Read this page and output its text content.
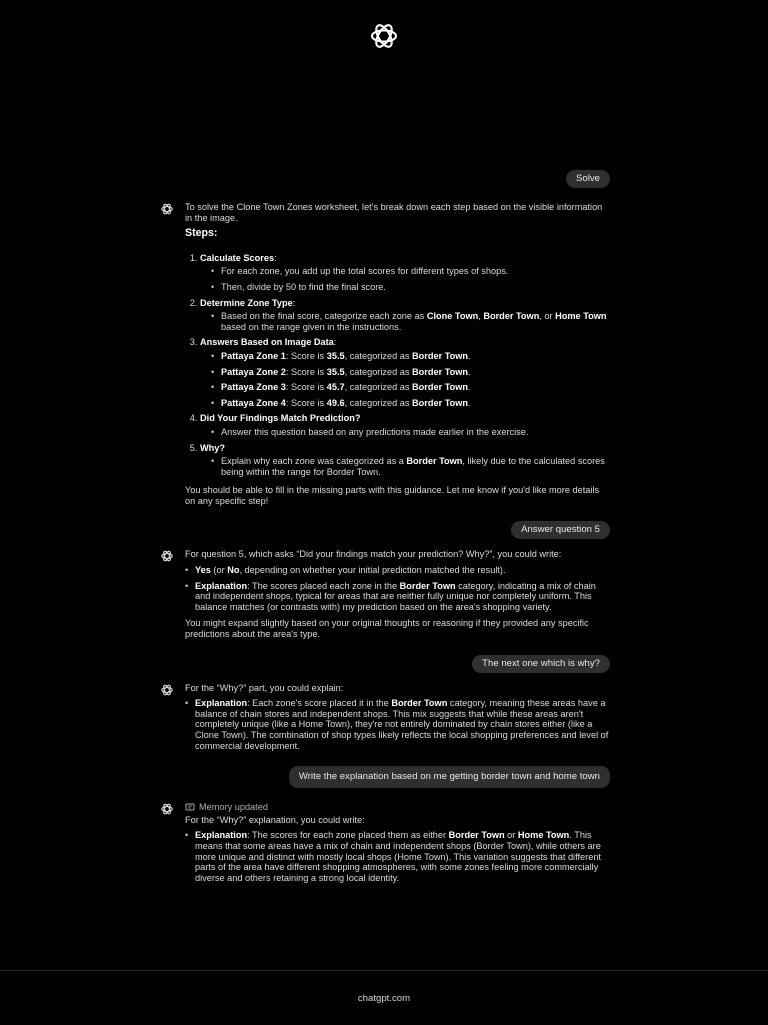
Solve

To solve the Clone Town Zones worksheet, let's break down each step based on the visible information in the image.

Steps:
1. Calculate Scores:
• For each zone, you add up the total scores for different types of shops.
• Then, divide by 50 to find the final score.
2. Determine Zone Type:
• Based on the final score, categorize each zone as Clone Town, Border Town, or Home Town based on the range given in the instructions.
3. Answers Based on Image Data:
• Pattaya Zone 1: Score is 35.5, categorized as Border Town.
• Pattaya Zone 2: Score is 35.5, categorized as Border Town.
• Pattaya Zone 3: Score is 45.7, categorized as Border Town.
• Pattaya Zone 4: Score is 49.6, categorized as Border Town.
4. Did Your Findings Match Prediction?
• Answer this question based on any predictions made earlier in the exercise.
5. Why?
• Explain why each zone was categorized as a Border Town, likely due to the calculated scores being within the range for Border Town.

You should be able to fill in the missing parts with this guidance. Let me know if you'd like more details on any specific step!

Answer question 5

For question 5, which asks “Did your findings match your prediction? Why?”, you could write:

• Yes (or No, depending on whether your initial prediction matched the result).
• Explanation: The scores placed each zone in the Border Town category, indicating a mix of chain and independent shops, typical for areas that are neither fully unique nor completely uniform. This balance matches (or contrasts with) my prediction based on the area's shopping variety.

You might expand slightly based on your original thoughts or reasoning if they provided any specific predictions about the area's type.

The next one which is why?

For the “Why?” part, you could explain:

• Explanation: Each zone's score placed it in the Border Town category, meaning these areas have a balance of chain stores and independent shops. This mix suggests that while these areas aren't completely unique (like a Home Town), they're not entirely dominated by chain stores either (like a Clone Town). The combination of shop types likely reflects the local shopping preferences and level of commercial development.
Write the explanation based on me getting border town and home town
Memory updated

For the “Why?” explanation, you could write:

• Explanation: The scores for each zone placed them as either Border Town or Home Town. This means that some areas have a mix of chain and independent shops (Border Town), while others are more unique and distinct with mostly local shops (Home Town). This variation suggests that different parts of the area have different shopping atmospheres, with some zones feeling more commercially diverse and others retaining a strong local identity.
chatgpt.com
